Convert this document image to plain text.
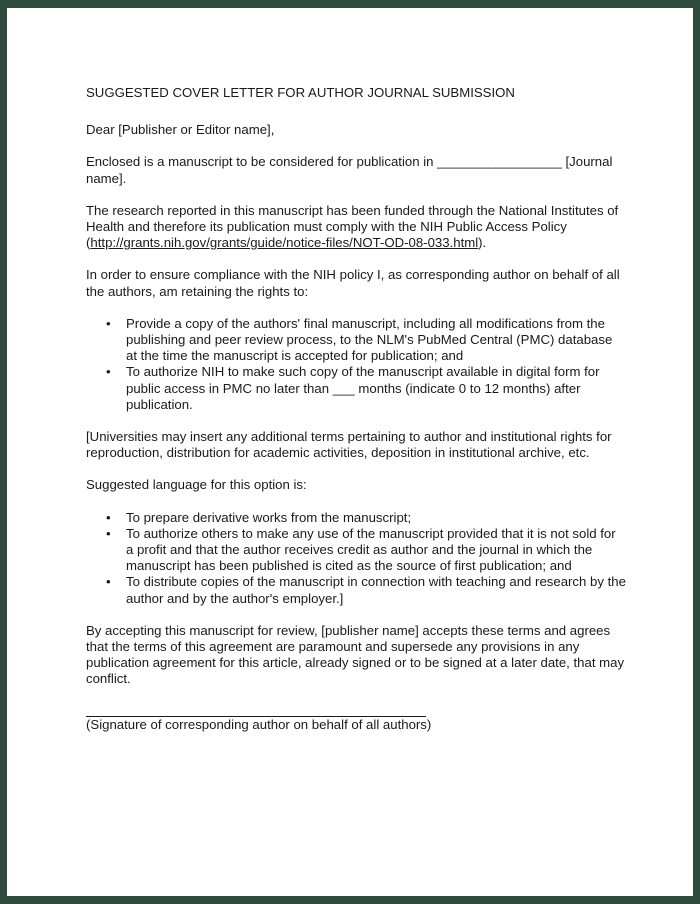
SUGGESTED COVER LETTER FOR AUTHOR JOURNAL SUBMISSION

Dear [Publisher or Editor name],

Enclosed is a manuscript to be considered for publication in _________________ [Journal name].

The research reported in this manuscript has been funded through the National Institutes of Health and therefore its publication must comply with the NIH Public Access Policy (http://grants.nih.gov/grants/guide/notice-files/NOT-OD-08-033.html).

In order to ensure compliance with the NIH policy I, as corresponding author on behalf of all the authors, am retaining the rights to:

• Provide a copy of the authors' final manuscript, including all modifications from the publishing and peer review process, to the NLM's PubMed Central (PMC) database at the time the manuscript is accepted for publication; and
• To authorize NIH to make such copy of the manuscript available in digital form for public access in PMC no later than ___ months (indicate 0 to 12 months) after publication.

[Universities may insert any additional terms pertaining to author and institutional rights for reproduction, distribution for academic activities, deposition in institutional archive, etc.

Suggested language for this option is:

• To prepare derivative works from the manuscript;
• To authorize others to make any use of the manuscript provided that it is not sold for a profit and that the author receives credit as author and the journal in which the manuscript has been published is cited as the source of first publication; and
• To distribute copies of the manuscript in connection with teaching and research by the author and by the author's employer.]

By accepting this manuscript for review, [publisher name] accepts these terms and agrees that the terms of this agreement are paramount and supersede any provisions in any publication agreement for this article, already signed or to be signed at a later date, that may conflict.

(Signature of corresponding author on behalf of all authors)
